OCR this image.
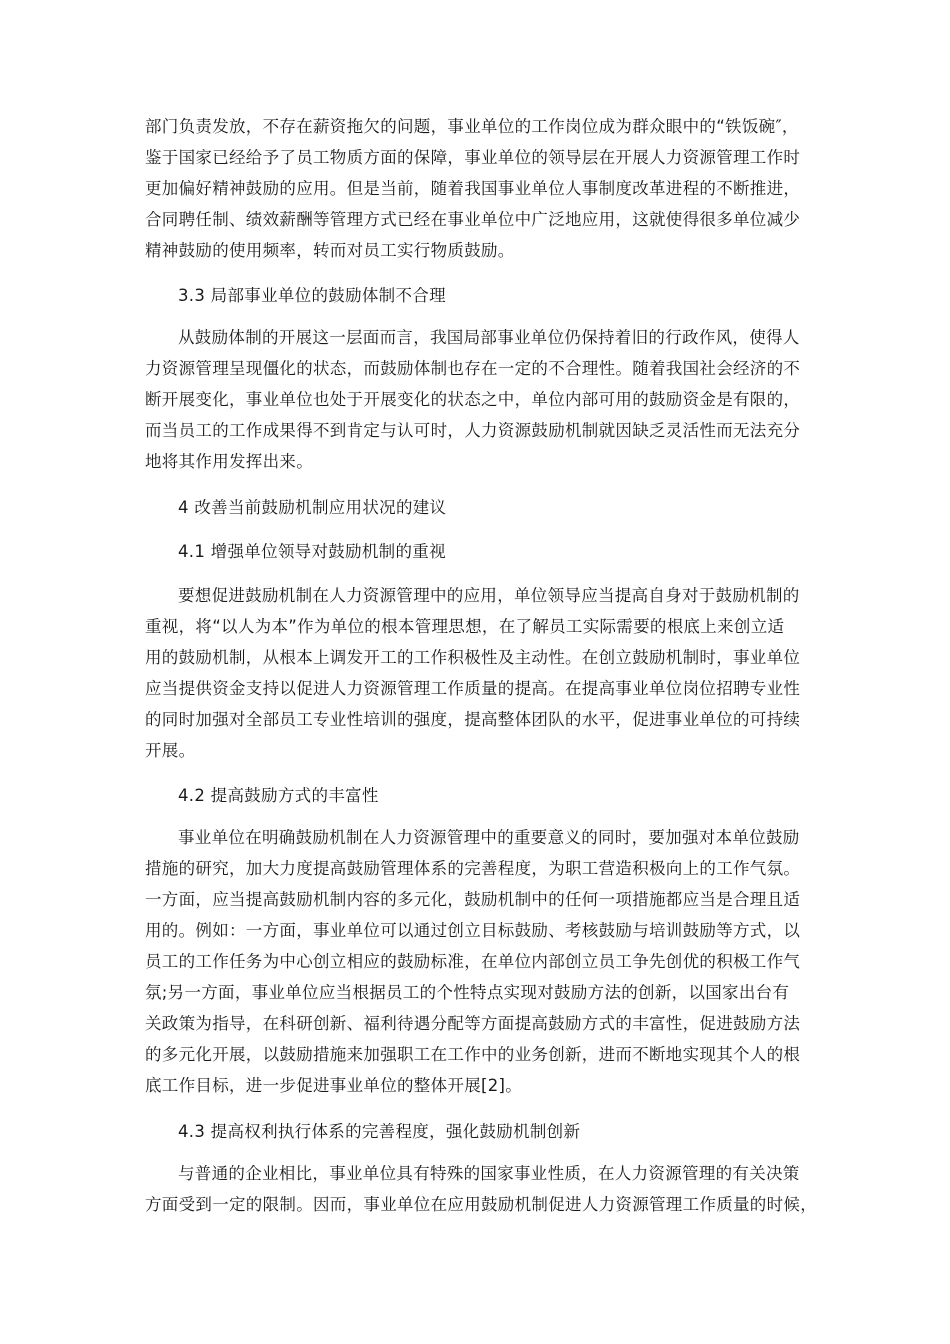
部门负责发放，不存在薪资拖欠的问题，事业单位的工作岗位成为群众眼中的“铁饭碗″，
鉴于国家已经给予了员工物质方面的保障，事业单位的领导层在开展人力资源管理工作时
更加偏好精神鼓励的应用。但是当前，随着我国事业单位人事制度改革进程的不断推进，
合同聘任制、绩效薪酬等管理方式已经在事业单位中广泛地应用，这就使得很多单位减少
精神鼓励的使用频率，转而对员工实行物质鼓励。
3.3 局部事业单位的鼓励体制不合理
从鼓励体制的开展这一层面而言，我国局部事业单位仍保持着旧的行政作风，使得人
力资源管理呈现僵化的状态，而鼓励体制也存在一定的不合理性。随着我国社会经济的不
断开展变化，事业单位也处于开展变化的状态之中，单位内部可用的鼓励资金是有限的，
而当员工的工作成果得不到肯定与认可时，人力资源鼓励机制就因缺乏灵活性而无法充分
地将其作用发挥出来。
4 改善当前鼓励机制应用状况的建议
4.1 增强单位领导对鼓励机制的重视
要想促进鼓励机制在人力资源管理中的应用，单位领导应当提高自身对于鼓励机制的
重视，将“以人为本”作为单位的根本管理思想，在了解员工实际需要的根底上来创立适
用的鼓励机制，从根本上调发开工的工作积极性及主动性。在创立鼓励机制时，事业单位
应当提供资金支持以促进人力资源管理工作质量的提高。在提高事业单位岗位招聘专业性
的同时加强对全部员工专业性培训的强度，提高整体团队的水平，促进事业单位的可持续
开展。
4.2 提高鼓励方式的丰富性
事业单位在明确鼓励机制在人力资源管理中的重要意义的同时，要加强对本单位鼓励
措施的研究，加大力度提高鼓励管理体系的完善程度，为职工营造积极向上的工作气氛。
一方面，应当提高鼓励机制内容的多元化，鼓励机制中的任何一项措施都应当是合理且适
用的。例如：一方面，事业单位可以通过创立目标鼓励、考核鼓励与培训鼓励等方式，以
员工的工作任务为中心创立相应的鼓励标准，在单位内部创立员工争先创优的积极工作气
氛;另一方面，事业单位应当根据员工的个性特点实现对鼓励方法的创新，以国家出台有
关政策为指导，在科研创新、福利待遇分配等方面提高鼓励方式的丰富性，促进鼓励方法
的多元化开展，以鼓励措施来加强职工在工作中的业务创新，进而不断地实现其个人的根
底工作目标，进一步促进事业单位的整体开展[2]。
4.3 提高权利执行体系的完善程度，强化鼓励机制创新
与普通的企业相比，事业单位具有特殊的国家事业性质，在人力资源管理的有关决策
方面受到一定的限制。因而，事业单位在应用鼓励机制促进人力资源管理工作质量的时候，
